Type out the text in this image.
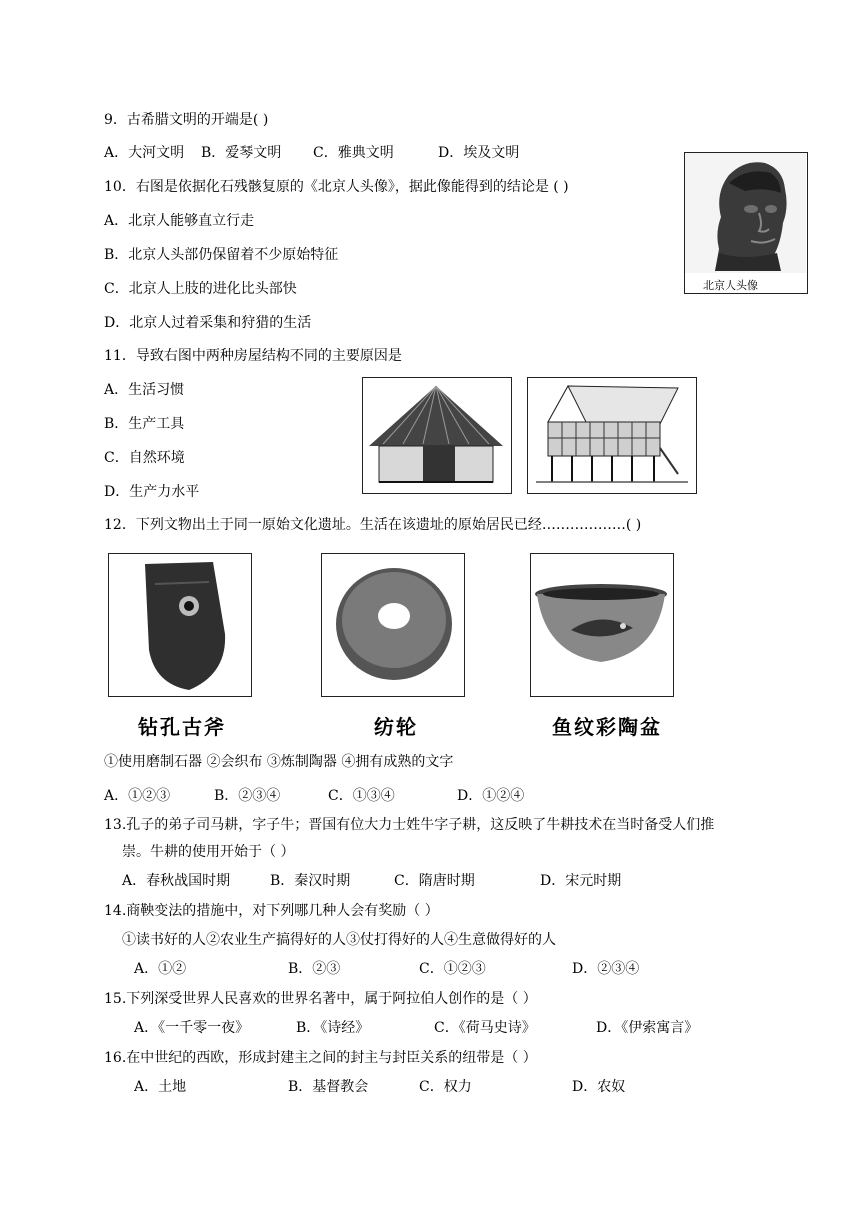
9．古希腊文明的开端是( )
A．大河文明 B．爱琴文明 C．雅典文明	D．埃及文明
10．右图是依据化石残骸复原的《北京人头像》，据此像能得到的结论是 ( )
A．北京人能够直立行走
B．北京人头部仍保留着不少原始特征
C．北京人上肢的进化比头部快
D．北京人过着采集和狩猎的生活
北京人头像
11．导致右图中两种房屋结构不同的主要原因是
A．生活习惯
B．生产工具
C．自然环境
D．生产力水平
12．下列文物出土于同一原始文化遗址。生活在该遗址的原始居民已经………………( )
钻孔古斧	纺轮	鱼纹彩陶盆
①使用磨制石器 ②会织布 ③炼制陶器 ④拥有成熟的文字
A．①②③	B．②③④	C．①③④	D．①②④
13.孔子的弟子司马耕，字子牛；晋国有位大力士姓牛字子耕，这反映了牛耕技术在当时备受人们推
崇。牛耕的使用开始于（ ）
A．春秋战国时期	B．秦汉时期	C．隋唐时期	D．宋元时期
14.商鞅变法的措施中，对下列哪几种人会有奖励（ ）
①读书好的人②农业生产搞得好的人③仗打得好的人④生意做得好的人
A．①②	B．②③	C．①②③	D．②③④
15.下列深受世界人民喜欢的世界名著中，属于阿拉伯人创作的是（ ）
A．《一千零一夜》	B．《诗经》	C．《荷马史诗》	D．《伊索寓言》
16.在中世纪的西欧，形成封建主之间的封主与封臣关系的纽带是（ ）
A．土地	B．基督教会	C．权力	D．农奴
